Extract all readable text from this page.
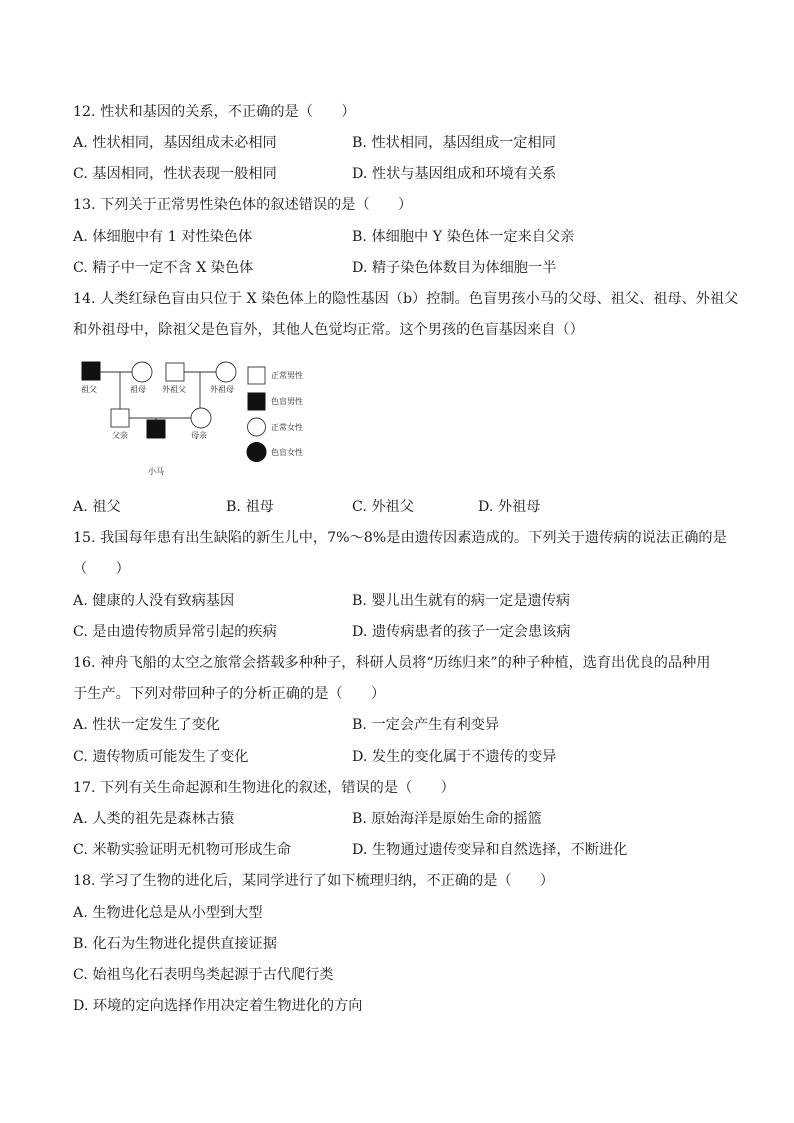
12. 性状和基因的关系，不正确的是（　　）
A. 性状相同，基因组成未必相同	B. 性状相同，基因组成一定相同
C. 基因相同，性状表现一般相同	D. 性状与基因组成和环境有关系
13. 下列关于正常男性染色体的叙述错误的是（　　）
A. 体细胞中有 1 对性染色体	B. 体细胞中 Y 染色体一定来自父亲
C. 精子中一定不含 X 染色体	D. 精子染色体数目为体细胞一半
14. 人类红绿色盲由只位于 X 染色体上的隐性基因（b）控制。色盲男孩小马的父母、祖父、祖母、外祖父
和外祖母中，除祖父是色盲外，其他人色觉均正常。这个男孩的色盲基因来自（）
祖父	祖母 外祖父	外祖母
父亲	母亲
小马
正常男性
色盲男性
正常女性
色盲女性
A. 祖父	B. 祖母	C. 外祖父	D. 外祖母
15. 我国每年患有出生缺陷的新生儿中，7%～8%是由遗传因素造成的。下列关于遗传病的说法正确的是
（　　）
A. 健康的人没有致病基因	B. 婴儿出生就有的病一定是遗传病
C. 是由遗传物质异常引起的疾病	D. 遗传病患者的孩子一定会患该病
16. 神舟飞船的太空之旅常会搭载多种种子，科研人员将“历练归来”的种子种植，选育出优良的品种用
于生产。下列对带回种子的分析正确的是（　　）
A. 性状一定发生了变化	B. 一定会产生有利变异
C. 遗传物质可能发生了变化	D. 发生的变化属于不遗传的变异
17. 下列有关生命起源和生物进化的叙述，错误的是（　　）
A. 人类的祖先是森林古猿	B. 原始海洋是原始生命的摇篮
C. 米勒实验证明无机物可形成生命	D. 生物通过遗传变异和自然选择，不断进化
18. 学习了生物的进化后，某同学进行了如下梳理归纳，不正确的是（　　）
A. 生物进化总是从小型到大型
B. 化石为生物进化提供直接证据
C. 始祖鸟化石表明鸟类起源于古代爬行类
D. 环境的定向选择作用决定着生物进化的方向
